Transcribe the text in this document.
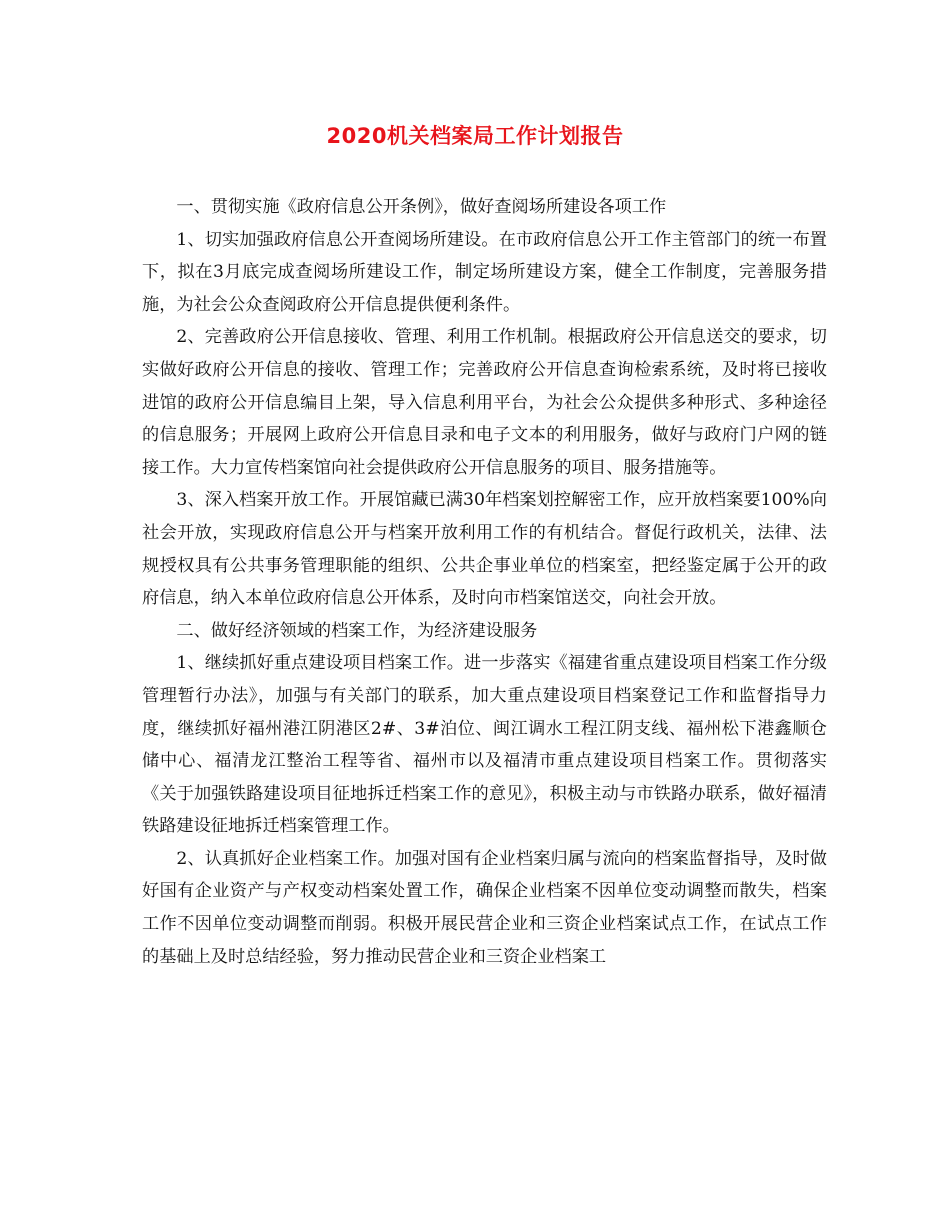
2020机关档案局工作计划报告

一、贯彻实施《政府信息公开条例》，做好查阅场所建设各项工作

1、切实加强政府信息公开查阅场所建设。在市政府信息公开工作主管部门的统一布置下，拟在3月底完成查阅场所建设工作，制定场所建设方案，健全工作制度，完善服务措施，为社会公众查阅政府公开信息提供便利条件。

2、完善政府公开信息接收、管理、利用工作机制。根据政府公开信息送交的要求，切实做好政府公开信息的接收、管理工作；完善政府公开信息查询检索系统，及时将已接收进馆的政府公开信息编目上架，导入信息利用平台，为社会公众提供多种形式、多种途径的信息服务；开展网上政府公开信息目录和电子文本的利用服务，做好与政府门户网的链接工作。大力宣传档案馆向社会提供政府公开信息服务的项目、服务措施等。

3、深入档案开放工作。开展馆藏已满30年档案划控解密工作，应开放档案要100%向社会开放，实现政府信息公开与档案开放利用工作的有机结合。督促行政机关，法律、法规授权具有公共事务管理职能的组织、公共企事业单位的档案室，把经鉴定属于公开的政府信息，纳入本单位政府信息公开体系，及时向市档案馆送交，向社会开放。

二、做好经济领域的档案工作，为经济建设服务

1、继续抓好重点建设项目档案工作。进一步落实《福建省重点建设项目档案工作分级管理暂行办法》，加强与有关部门的联系，加大重点建设项目档案登记工作和监督指导力度，继续抓好福州港江阴港区2#、3#泊位、闽江调水工程江阴支线、福州松下港鑫顺仓储中心、福清龙江整治工程等省、福州市以及福清市重点建设项目档案工作。贯彻落实《关于加强铁路建设项目征地拆迁档案工作的意见》，积极主动与市铁路办联系，做好福清铁路建设征地拆迁档案管理工作。

2、认真抓好企业档案工作。加强对国有企业档案归属与流向的档案监督指导，及时做好国有企业资产与产权变动档案处置工作，确保企业档案不因单位变动调整而散失，档案工作不因单位变动调整而削弱。积极开展民营企业和三资企业档案试点工作，在试点工作的基础上及时总结经验，努力推动民营企业和三资企业档案工
